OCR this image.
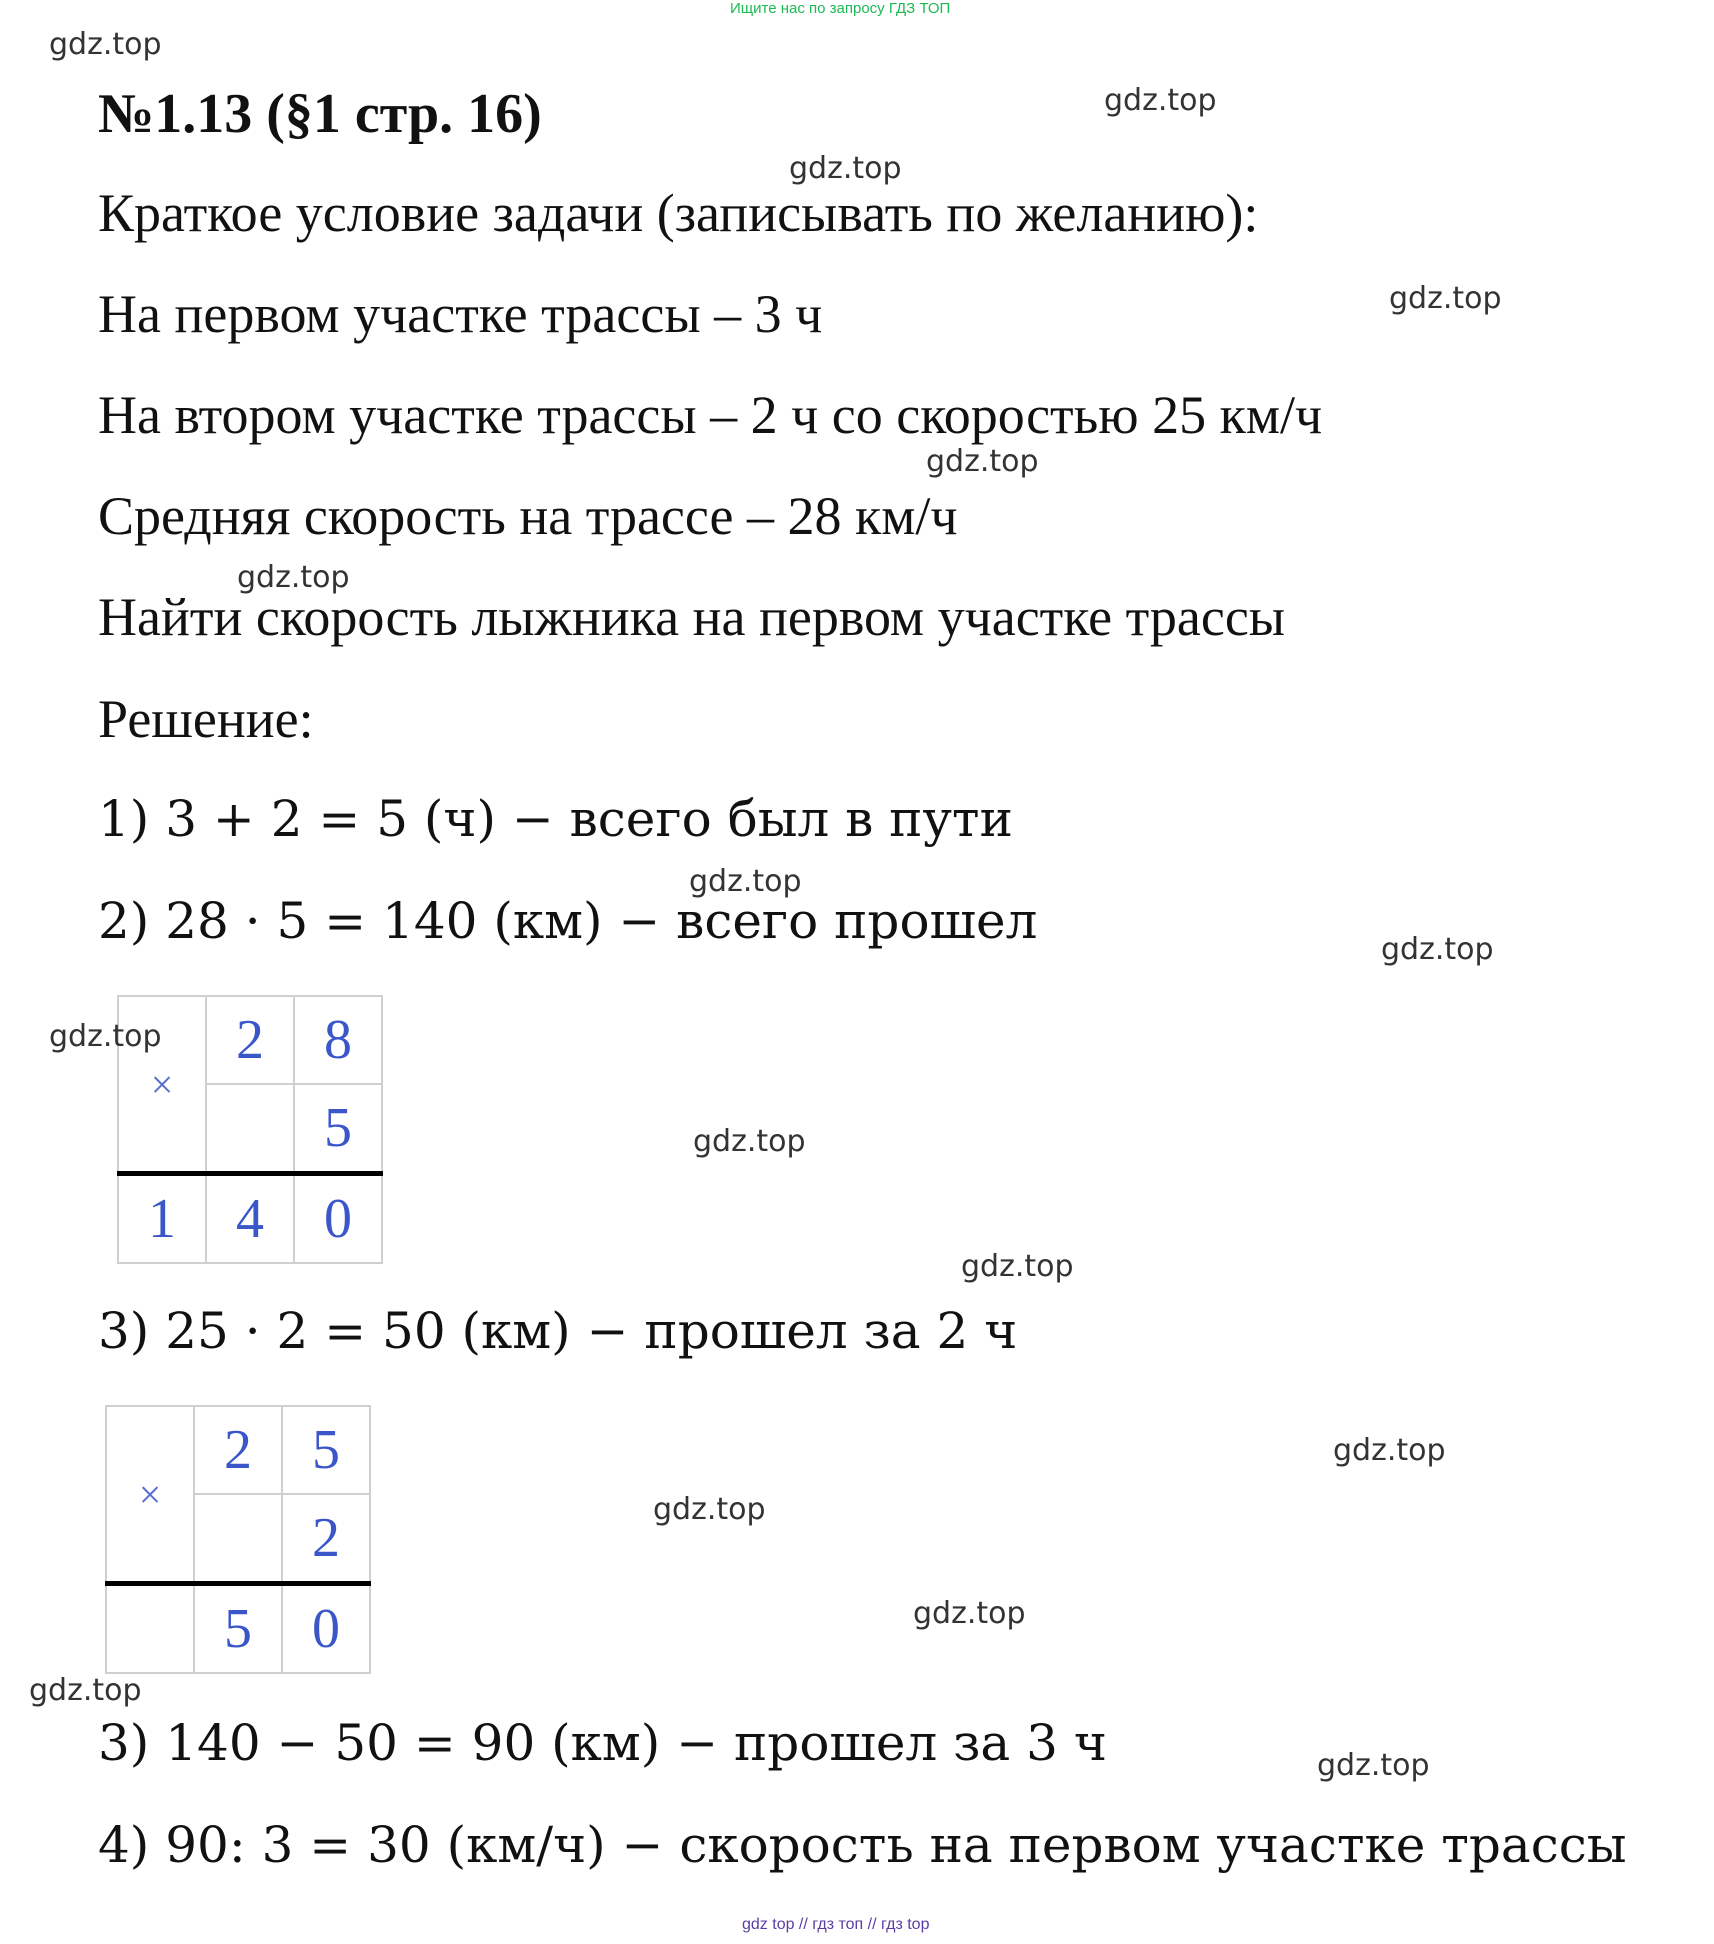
Ищите нас по запросу ГДЗ ТОП
№1.13 (§1 стр. 16)
Краткое условие задачи (записывать по желанию):
На первом участке трассы – 3 ч
На втором участке трассы – 2 ч со скоростью 25 км/ч
Средняя скорость на трассе – 28 км/ч
Найти скорость лыжника на первом участке трассы
Решение:
1) 3 + 2 = 5 (ч) − всего был в пути
2) 28 · 5 = 140 (км) − всего прошел
×	2	8
		5
1	4	0
3) 25 · 2 = 50 (км) − прошел за 2 ч
×	2	5
		2
	5	0
3) 140 − 50 = 90 (км) − прошел за 3 ч
4) 90: 3 = 30 (км/ч) − скорость на первом участке трассы
gdz.top
gdz.top
gdz.top
gdz.top
gdz.top
gdz.top
gdz.top
gdz.top
gdz.top
gdz.top
gdz.top
gdz.top
gdz.top
gdz.top
gdz.top
gdz.top
gdz top // гдз топ // гдз top
